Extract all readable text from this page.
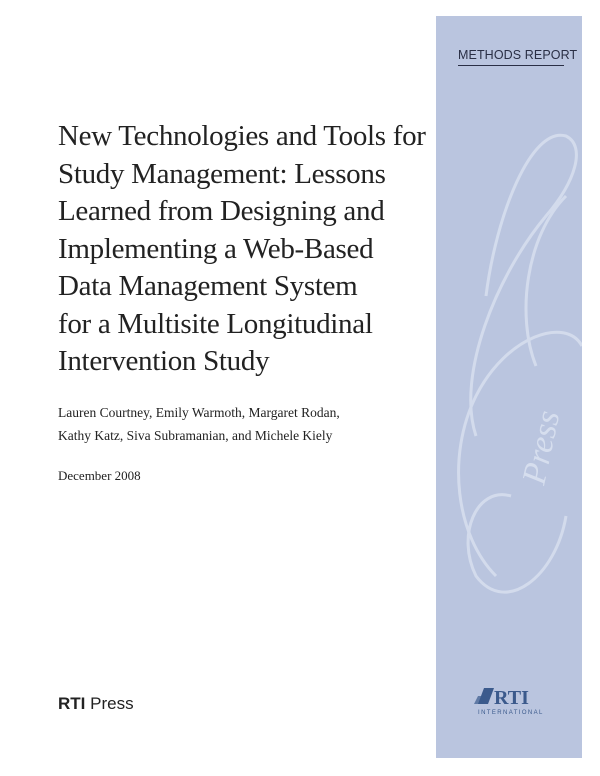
Press
METHODS REPORT
RTI
INTERNATIONAL
New Technologies and Tools for
Study Management: Lessons
Learned from Designing and
Implementing a Web-Based
Data Management System
for a Multisite Longitudinal
Intervention Study
Lauren Courtney, Emily Warmoth, Margaret Rodan,
Kathy Katz, Siva Subramanian, and Michele Kiely
December 2008
RTI Press
